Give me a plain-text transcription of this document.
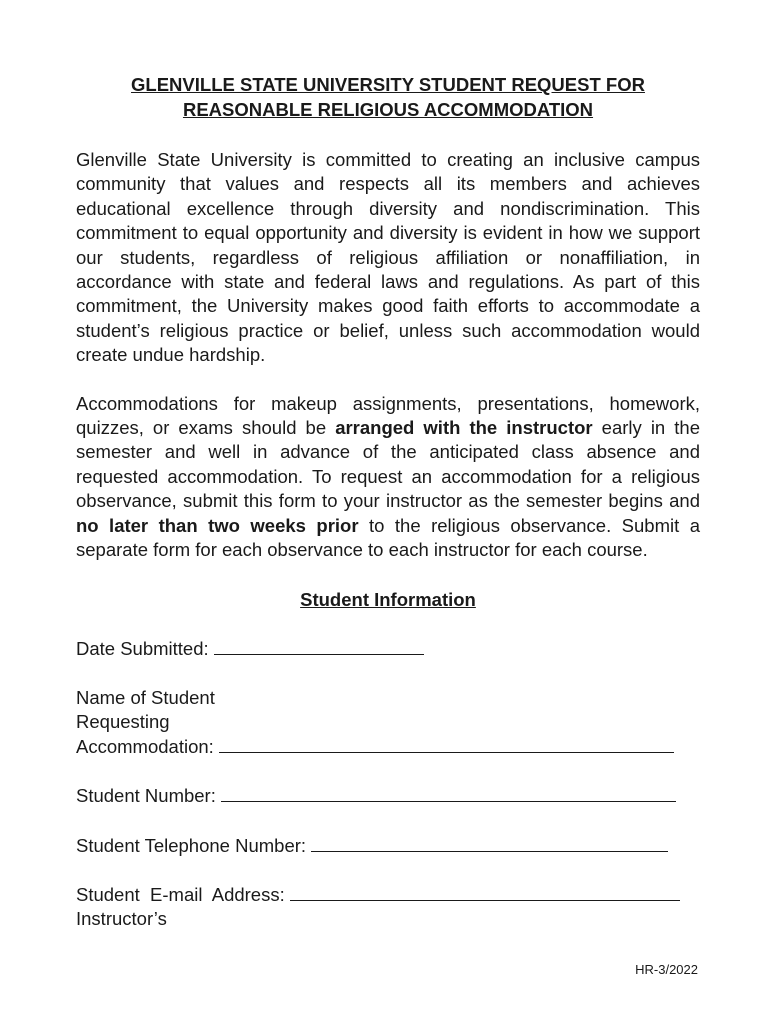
GLENVILLE STATE UNIVERSITY STUDENT REQUEST FOR REASONABLE RELIGIOUS ACCOMMODATION

Glenville State University is committed to creating an inclusive campus community that values and respects all its members and achieves educational excellence through diversity and nondiscrimination. This commitment to equal opportunity and diversity is evident in how we support our students, regardless of religious affiliation or nonaffiliation, in accordance with state and federal laws and regulations. As part of this commitment, the University makes good faith efforts to accommodate a student’s religious practice or belief, unless such accommodation would create undue hardship.

Accommodations for makeup assignments, presentations, homework, quizzes, or exams should be arranged with the instructor early in the semester and well in advance of the anticipated class absence and requested accommodation. To request an accommodation for a religious observance, submit this form to your instructor as the semester begins and no later than two weeks prior to the religious observance. Submit a separate form for each observance to each instructor for each course.

Student Information
Date Submitted:
Name of Student
Requesting
Accommodation:
Student Number:
Student Telephone Number:
Student  E-mail  Address:
Instructor’s
HR-3/2022
